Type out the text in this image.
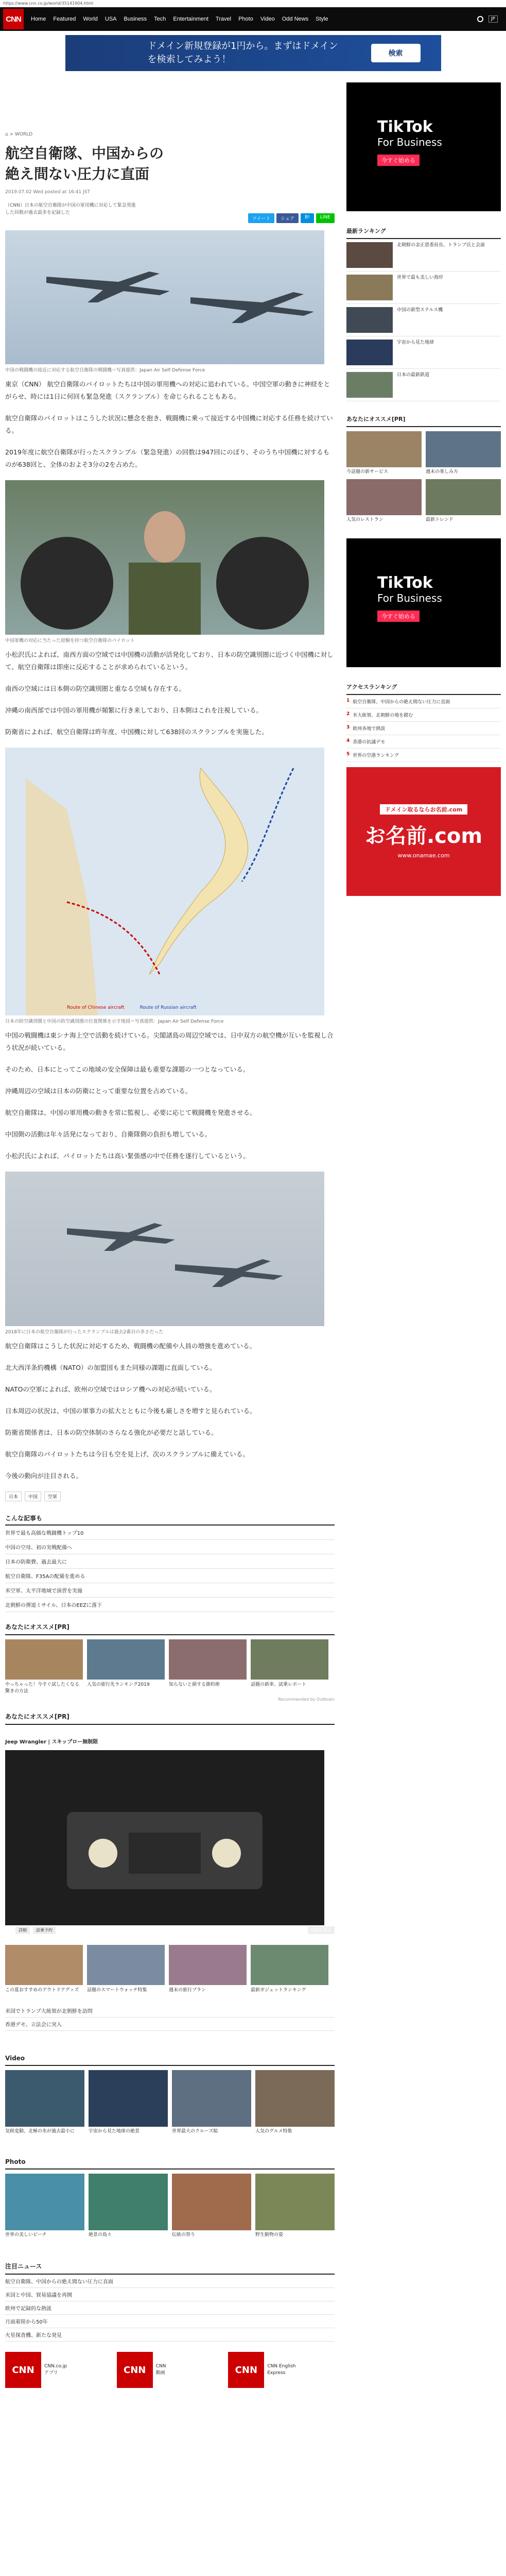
https://www.cnn.co.jp/world/35141904.html
CNN	Home Featured World USA Business Tech Entertainment Travel Photo Video Odd News Style	JP
ドメイン新規登録が1円から。まずはドメイン
を検索してみよう！
検索
⌂ > WORLD
航空自衛隊、中国からの絶え間ない圧力に直面
2019.07.02 Wed posted at 16:41 JST
（CNN）日本の航空自衛隊が中国の軍用機に対応して緊急発進
した回数が過去最多を記録した
ツイート	シェア	B!	LINE
中国の戦闘機の接近に対応する航空自衛隊の戦闘機＝写真提供：Japan Air Self Defense Force

東京（CNN） 航空自衛隊のパイロットたちは中国の軍用機への対応に追われている。中国空軍の動きに神経をとがらせ、時には1日に何回も緊急発進（スクランブル）を命じられることもある。

航空自衛隊のパイロットはこうした状況に懸念を抱き、戦闘機に乗って接近する中国機に対応する任務を続けている。

2019年度に航空自衛隊が行ったスクランブル（緊急発進）の回数は947回にのぼり、そのうち中国機に対するものが638回と、全体のおよそ3分の2を占めた。

中国軍機の対応に当たった経験を持つ航空自衛隊のパイロット

小松沢氏によれば、南西方面の空域では中国機の活動が活発化しており、日本の防空識別圏に近づく中国機に対して、航空自衛隊は即座に反応することが求められているという。

南西の空域には日本側の防空識別圏と重なる空域も存在する。

沖縄の南西部では中国の軍用機が頻繁に行き来しており、日本側はこれを注視している。

防衛省によれば、航空自衛隊は昨年度、中国機に対して638回のスクランブルを実施した。

Route of Chinese aircraft	Route of Russian aircraft
日本の防空識別圏と中国の防空識別圏の位置関係を示す地図＝写真提供：Japan Air Self Defense Force

中国の戦闘機は東シナ海上空で活動を続けている。尖閣諸島の周辺空域では、日中双方の航空機が互いを監視し合う状況が続いている。

そのため、日本にとってこの地域の安全保障は最も重要な課題の一つとなっている。

沖縄周辺の空域は日本の防衛にとって重要な位置を占めている。

航空自衛隊は、中国の軍用機の動きを常に監視し、必要に応じて戦闘機を発進させる。

中国側の活動は年々活発になっており、自衛隊側の負担も増している。

小松沢氏によれば、パイロットたちは高い緊張感の中で任務を遂行しているという。

2018年に日本の航空自衛隊が行ったスクランブルは過去2番目の多さだった

航空自衛隊はこうした状況に対応するため、戦闘機の配備や人員の増強を進めている。

北大西洋条約機構（NATO）の加盟国もまた同様の課題に直面している。

NATOの空軍によれば、欧州の空域ではロシア機への対応が続いている。

日本周辺の状況は、中国の軍事力の拡大とともに今後も厳しさを増すと見られている。

防衛省関係者は、日本の防空体制のさらなる強化が必要だと話している。

航空自衛隊のパイロットたちは今日も空を見上げ、次のスクランブルに備えている。

今後の動向が注目される。

日本	中国	空軍
こんな記事も
世界で最も高価な戦闘機トップ10
中国の空母、初の実戦配備へ
日本の防衛費、過去最大に
航空自衛隊、F35Aの配備を進める
米空軍、太平洋地域で演習を実施
北朝鮮の弾道ミサイル、日本のEEZに落下
あなたにオススメ[PR]
やっちゃった！今すぐ試したくなる驚きの方法
人気の旅行先ランキング2019	知らないと損する節約術	話題の新車、試乗レポート
Recommended by Outbrain
あなたにオススメ[PR]
Jeep Wrangler | スキップロー無制限
詳細	試乗予約	詳細を見る
この夏おすすめのアウトドアグッズ	話題のスマートウォッチ特集	週末の旅行プラン	最新ガジェットランキング
米国でトランプ大統領が北朝鮮を訪問
香港デモ、立法会に突入
Video
気候変動、北極の氷が過去最小に	宇宙から見た地球の絶景	世界最大のクルーズ船	人気のグルメ特集
Photo
世界の美しいビーチ	絶景の島々	伝統の祭り	野生動物の姿
注目ニュース
航空自衛隊、中国からの絶え間ない圧力に直面
米国と中国、貿易協議を再開
欧州で記録的な熱波
月面着陸から50年
火星探査機、新たな発見
CNN	CNN.co.jp
アプリ	CNN	CNN
動画	CNN	CNN English
Express
TikTok
For Business
今すぐ始める
最新ランキング
北朝鮮の金正恩委員長、トランプ氏と会談
世界で最も美しい海岸
中国の新型ステルス機
宇宙から見た地球
日本の最新鉄道
あなたにオススメ[PR]
今話題の新サービス	週末の楽しみ方
人気のレストラン	最新トレンド
TikTok
For Business
今すぐ始める
アクセスランキング
1 航空自衛隊、中国からの絶え間ない圧力に直面
2 米大統領、北朝鮮の地を踏む
3 欧州各地で熱波
4 香港の抗議デモ
5 世界の空港ランキング
ドメイン取るならお名前.com
お名前.com
www.onamae.com
